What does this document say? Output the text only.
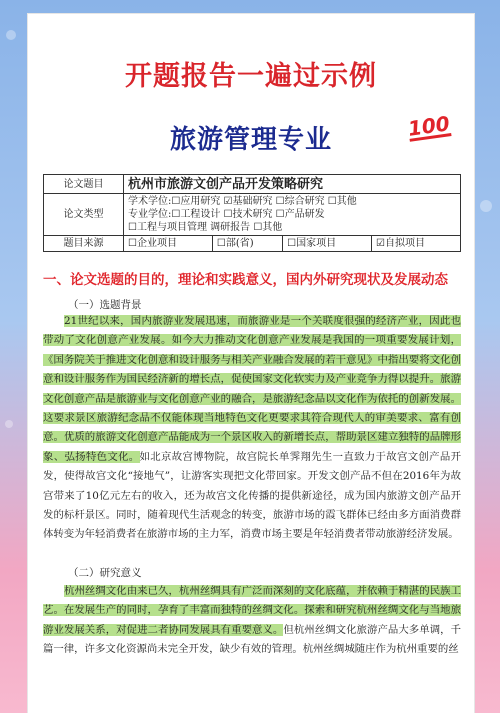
开题报告一遍过示例
旅游管理专业	100
论文题目	杭州市旅游文创产品开发策略研究			
论文类型	学术学位:☐应用研究 ☑基础研究 ☐综合研究 ☐其他
专业学位:☐工程设计 ☐技术研究 ☐产品研发
☐工程与项目管理 调研报告 ☐其他			

题目来源	☐企业项目	☐部(省)	☐国家项目	☑自拟项目
一、论文选题的目的，理论和实践意义，国内外研究现状及发展动态
（一）选题背景
21世纪以来，国内旅游业发展迅速，而旅游业是一个关联度很强的经济产业，因此也带动了文化创意产业发展。如今大力推动文化创意产业发展是我国的一项重要发展计划，《国务院关于推进文化创意和设计服务与相关产业融合发展的若干意见》中指出要将文化创意和设计服务作为国民经济新的增长点，促使国家文化软实力及产业竞争力得以提升。旅游文化创意产品是旅游业与文化创意产业的融合，是旅游纪念品以文化作为依托的创新发展。这要求景区旅游纪念品不仅能体现当地特色文化更要求其符合现代人的审美要求、富有创意。优质的旅游文化创意产品能成为一个景区收入的新增长点，帮助景区建立独特的品牌形象、弘扬特色文化。如北京故宫博物院，故宫院长单霁翔先生一直致力于故宫文创产品开发，使得故宫文化“接地气”，让游客实现把文化带回家。开发文创产品不但在2016年为故宫带来了10亿元左右的收入，还为故宫文化传播的提供新途径，成为国内旅游文创产品开发的标杆景区。同时，随着现代生活观念的转变，旅游市场的霞飞群体已经由多方面消费群体转变为年轻消费者在旅游市场的主力军，消费市场主要是年轻消费者带动旅游经济发展。
（二）研究意义
杭州丝绸文化由来已久，杭州丝绸具有广泛而深刻的文化底蕴，并依赖于精湛的民族工艺。在发展生产的同时，孕育了丰富而独特的丝绸文化。探索和研究杭州丝绸文化与当地旅游业发展关系，对促进二者协同发展具有重要意义。但杭州丝绸文化旅游产品大多单调，千篇一律，许多文化资源尚未完全开发，缺少有效的管理。杭州丝绸城随庄作为杭州重要的丝
